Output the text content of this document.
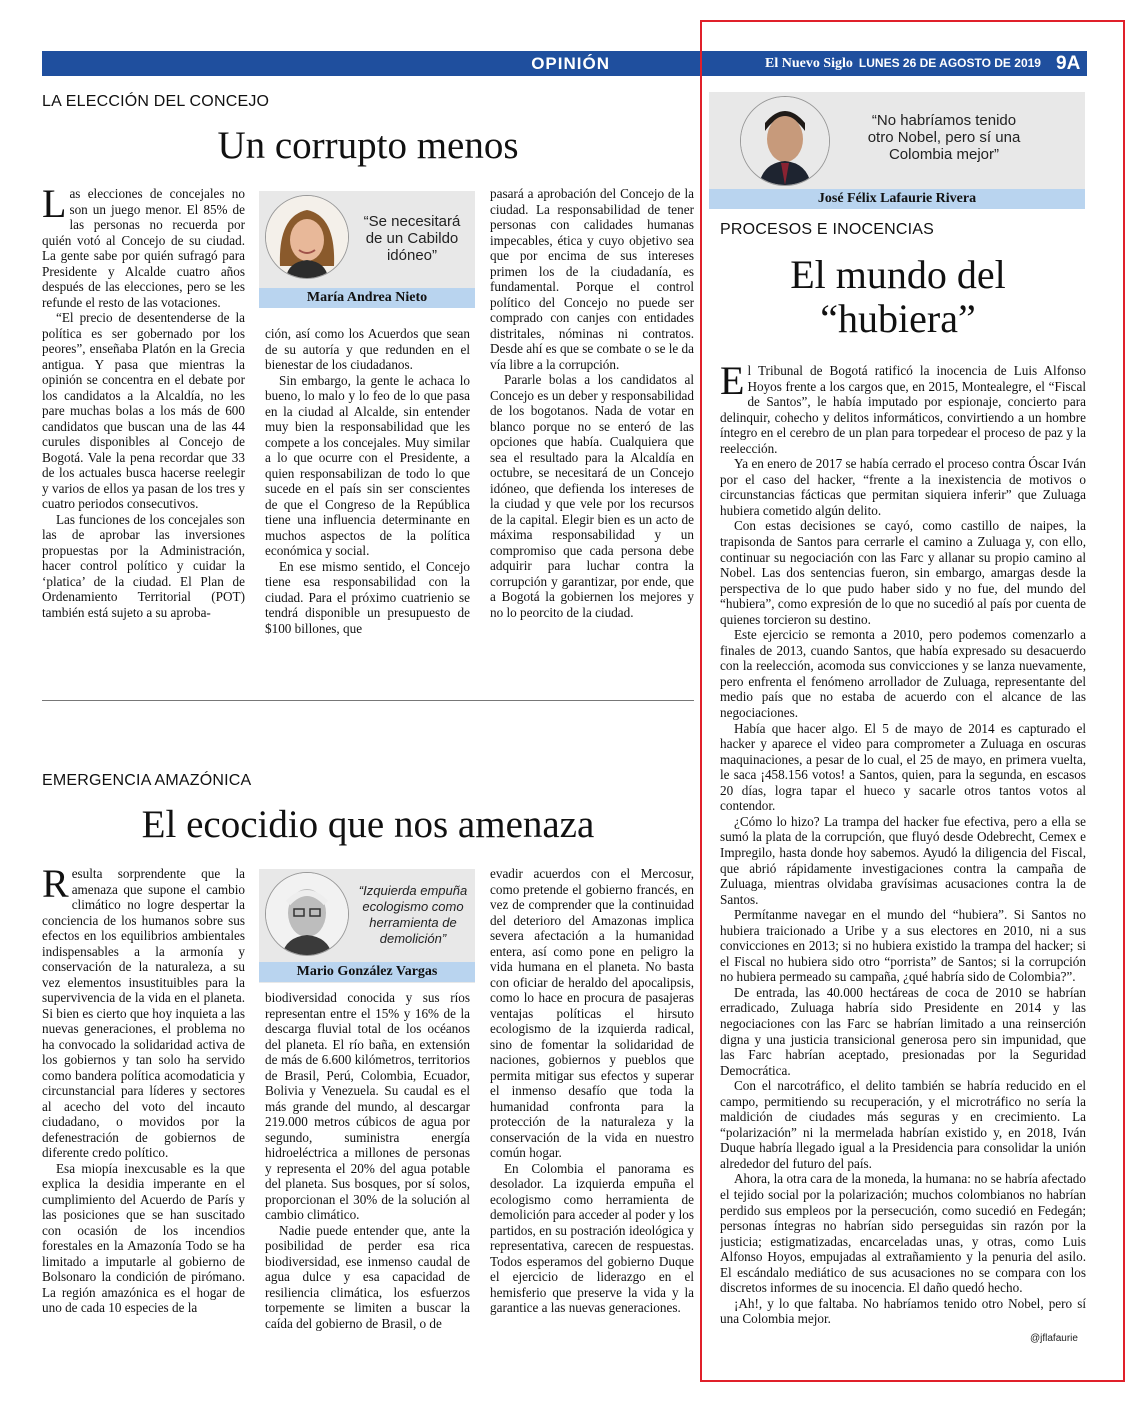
OPINIÓN	El Nuevo Siglo LUNES 26 DE AGOSTO DE 2019 9A
LA ELECCIÓN DEL CONCEJO
Un corrupto menos

Las elecciones de concejales no son un juego menor. El 85% de las personas no recuerda por quién votó al Concejo de su ciudad. La gente sabe por quién sufragó para Presidente y Alcalde cuatro años después de las elecciones, pero se les refunde el resto de las votaciones.

“El precio de desentenderse de la política es ser gobernado por los peores”, enseñaba Platón en la Grecia antigua. Y pasa que mientras la opinión se concentra en el debate por los candidatos a la Alcaldía, no les pare muchas bolas a los más de 600 candidatos que buscan una de las 44 curules disponibles al Concejo de Bogotá. Vale la pena recordar que 33 de los actuales busca hacerse reelegir y varios de ellos ya pasan de los tres y cuatro periodos consecutivos.

Las funciones de los concejales son las de aprobar las inversiones propuestas por la Administración, hacer control político y cuidar la ‘platica’ de la ciudad. El Plan de Ordenamiento Territorial (POT) también está sujeto a su aproba-

“Se necesitará de un Cabildo idóneo”
María Andrea Nieto

ción, así como los Acuerdos que sean de su autoría y que redunden en el bienestar de los ciudadanos.

Sin embargo, la gente le achaca lo bueno, lo malo y lo feo de lo que pasa en la ciudad al Alcalde, sin entender muy bien la responsabilidad que les compete a los concejales. Muy similar a lo que ocurre con el Presidente, a quien responsabilizan de todo lo que sucede en el país sin ser conscientes de que el Congreso de la República tiene una influencia determinante en muchos aspectos de la política económica y social.

En ese mismo sentido, el Concejo tiene esa responsabilidad con la ciudad. Para el próximo cuatrienio se tendrá disponible un presupuesto de $100 billones, que

pasará a aprobación del Concejo de la ciudad. La responsabilidad de tener personas con calidades humanas impecables, ética y cuyo objetivo sea que por encima de sus intereses primen los de la ciudadanía, es fundamental. Porque el control político del Concejo no puede ser comprado con canjes con entidades distritales, nóminas ni contratos. Desde ahí es que se combate o se le da vía libre a la corrupción.

Pararle bolas a los candidatos al Concejo es un deber y responsabilidad de los bogotanos. Nada de votar en blanco porque no se enteró de las opciones que había. Cualquiera que sea el resultado para la Alcaldía en octubre, se necesitará de un Concejo idóneo, que defienda los intereses de la ciudad y que vele por los recursos de la capital. Elegir bien es un acto de máxima responsabilidad y un compromiso que cada persona debe adquirir para luchar contra la corrupción y garantizar, por ende, que a Bogotá la gobiernen los mejores y no lo peorcito de la ciudad.

EMERGENCIA AMAZÓNICA
El ecocidio que nos amenaza

Resulta sorprendente que la amenaza que supone el cambio climático no logre despertar la conciencia de los humanos sobre sus efectos en los equilibrios ambientales indispensables a la armonía y conservación de la naturaleza, a su vez elementos insustituibles para la supervivencia de la vida en el planeta. Si bien es cierto que hoy inquieta a las nuevas generaciones, el problema no ha convocado la solidaridad activa de los gobiernos y tan solo ha servido como bandera política acomodaticia y circunstancial para líderes y sectores al acecho del voto del incauto ciudadano, o movidos por la defenestración de gobiernos de diferente credo político.

Esa miopía inexcusable es la que explica la desidia imperante en el cumplimiento del Acuerdo de París y las posiciones que se han suscitado con ocasión de los incendios forestales en la Amazonía Todo se ha limitado a imputarle al gobierno de Bolsonaro la condición de pirómano. La región amazónica es el hogar de uno de cada 10 especies de la

“Izquierda empuña ecologismo como herramienta de demolición”
Mario González Vargas

biodiversidad conocida y sus ríos representan entre el 15% y 16% de la descarga fluvial total de los océanos del planeta. El río baña, en extensión de más de 6.600 kilómetros, territorios de Brasil, Perú, Colombia, Ecuador, Bolivia y Venezuela. Su caudal es el más grande del mundo, al descargar 219.000 metros cúbicos de agua por segundo, suministra energía hidroeléctrica a millones de personas y representa el 20% del agua potable del planeta. Sus bosques, por sí solos, proporcionan el 30% de la solución al cambio climático.

Nadie puede entender que, ante la posibilidad de perder esa rica biodiversidad, ese inmenso caudal de agua dulce y esa capacidad de resiliencia climática, los esfuerzos torpemente se limiten a buscar la caída del gobierno de Brasil, o de

evadir acuerdos con el Mercosur, como pretende el gobierno francés, en vez de comprender que la continuidad del deterioro del Amazonas implica severa afectación a la humanidad entera, así como pone en peligro la vida humana en el planeta. No basta con oficiar de heraldo del apocalipsis, como lo hace en procura de pasajeras ventajas políticas el hirsuto ecologismo de la izquierda radical, sino de fomentar la solidaridad de naciones, gobiernos y pueblos que permita mitigar sus efectos y superar el inmenso desafío que toda la humanidad confronta para la protección de la naturaleza y la conservación de la vida en nuestro común hogar.

En Colombia el panorama es desolador. La izquierda empuña el ecologismo como herramienta de demolición para acceder al poder y los partidos, en su postración ideológica y representativa, carecen de respuestas. Todos esperamos del gobierno Duque el ejercicio de liderazgo en el hemisferio que preserve la vida y la garantice a las nuevas generaciones.

“No habríamos tenido otro Nobel, pero sí una Colombia mejor”
José Félix Lafaurie Rivera
PROCESOS E INOCENCIAS
El mundo del
“hubiera”

El Tribunal de Bogotá ratificó la inocencia de Luis Alfonso Hoyos frente a los cargos que, en 2015, Montealegre, el “Fiscal de Santos”, le había imputado por espionaje, concierto para delinquir, cohecho y delitos informáticos, convirtiendo a un hombre íntegro en el cerebro de un plan para torpedear el proceso de paz y la reelección.

Ya en enero de 2017 se había cerrado el proceso contra Óscar Iván por el caso del hacker, “frente a la inexistencia de motivos o circunstancias fácticas que permitan siquiera inferir” que Zuluaga hubiera cometido algún delito.

Con estas decisiones se cayó, como castillo de naipes, la trapisonda de Santos para cerrarle el camino a Zuluaga y, con ello, continuar su negociación con las Farc y allanar su propio camino al Nobel. Las dos sentencias fueron, sin embargo, amargas desde la perspectiva de lo que pudo haber sido y no fue, del mundo del “hubiera”, como expresión de lo que no sucedió al país por cuenta de quienes torcieron su destino.

Este ejercicio se remonta a 2010, pero podemos comenzarlo a finales de 2013, cuando Santos, que había expresado su desacuerdo con la reelección, acomoda sus convicciones y se lanza nuevamente, pero enfrenta el fenómeno arrollador de Zuluaga, representante del medio país que no estaba de acuerdo con el alcance de las negociaciones.

Había que hacer algo. El 5 de mayo de 2014 es capturado el hacker y aparece el video para comprometer a Zuluaga en oscuras maquinaciones, a pesar de lo cual, el 25 de mayo, en primera vuelta, le saca ¡458.156 votos! a Santos, quien, para la segunda, en escasos 20 días, logra tapar el hueco y sacarle otros tantos votos al contendor.

¿Cómo lo hizo? La trampa del hacker fue efectiva, pero a ella se sumó la plata de la corrupción, que fluyó desde Odebrecht, Cemex e Impregilo, hasta donde hoy sabemos. Ayudó la diligencia del Fiscal, que abrió rápidamente investigaciones contra la campaña de Zuluaga, mientras olvidaba gravísimas acusaciones contra la de Santos.

Permítanme navegar en el mundo del “hubiera”. Si Santos no hubiera traicionado a Uribe y a sus electores en 2010, ni a sus convicciones en 2013; si no hubiera existido la trampa del hacker; si el Fiscal no hubiera sido otro “porrista” de Santos; si la corrupción no hubiera permeado su campaña, ¿qué habría sido de Colombia?”.

De entrada, las 40.000 hectáreas de coca de 2010 se habrían erradicado, Zuluaga habría sido Presidente en 2014 y las negociaciones con las Farc se habrían limitado a una reinserción digna y una justicia transicional generosa pero sin impunidad, que las Farc habrían aceptado, presionadas por la Seguridad Democrática.

Con el narcotráfico, el delito también se habría reducido en el campo, permitiendo su recuperación, y el microtráfico no sería la maldición de ciudades más seguras y en crecimiento. La “polarización” ni la mermelada habrían existido y, en 2018, Iván Duque habría llegado igual a la Presidencia para consolidar la unión alrededor del futuro del país.

Ahora, la otra cara de la moneda, la humana: no se habría afectado el tejido social por la polarización; muchos colombianos no habrían perdido sus empleos por la persecución, como sucedió en Fedegán; personas íntegras no habrían sido perseguidas sin razón por la justicia; estigmatizadas, encarceladas unas, y otras, como Luis Alfonso Hoyos, empujadas al extrañamiento y la penuria del asilo. El escándalo mediático de sus acusaciones no se compara con los discretos informes de su inocencia. El daño quedó hecho.

¡Ah!, y lo que faltaba. No habríamos tenido otro Nobel, pero sí una Colombia mejor.

@jflafaurie
